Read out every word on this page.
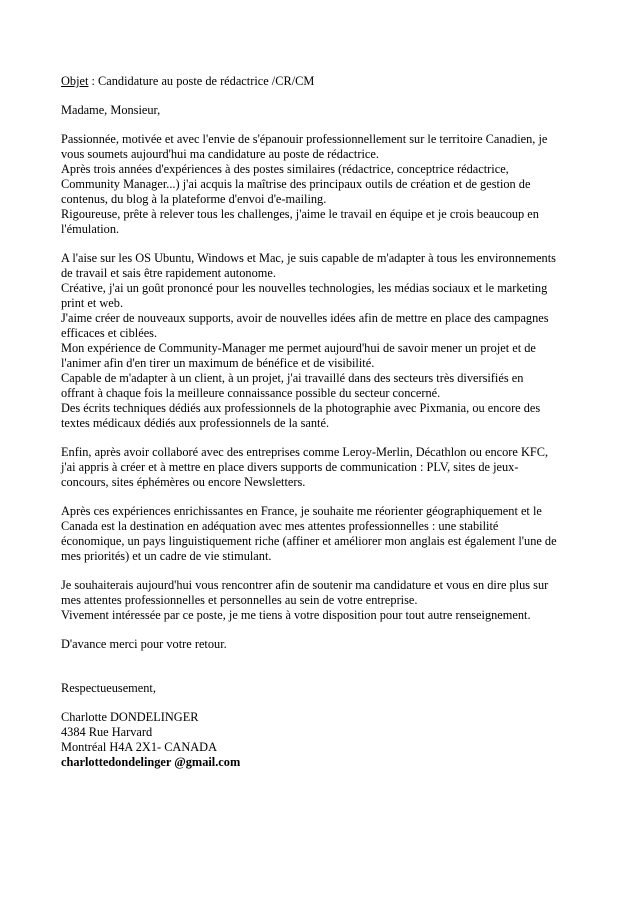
Objet : Candidature au poste de rédactrice /CR/CM
Madame, Monsieur,
Passionnée, motivée et avec l'envie de s'épanouir professionnellement sur le territoire Canadien, je
vous soumets aujourd'hui ma candidature au poste de rédactrice.
Après trois années d'expériences à des postes similaires (rédactrice, conceptrice rédactrice,
Community Manager...) j'ai acquis la maîtrise des principaux outils de création et de gestion de
contenus, du blog à la plateforme d'envoi d'e-mailing.
Rigoureuse, prête à relever tous les challenges, j'aime le travail en équipe et je crois beaucoup en
l'émulation.
A l'aise sur les OS Ubuntu, Windows et Mac, je suis capable de m'adapter à tous les environnements
de travail et sais être rapidement autonome.
Créative, j'ai un goût prononcé pour les nouvelles technologies, les médias sociaux et le marketing
print et web.
J'aime créer de nouveaux supports, avoir de nouvelles idées afin de mettre en place des campagnes
efficaces et ciblées.
Mon expérience de Community-Manager me permet aujourd'hui de savoir mener un projet et de
l'animer afin d'en tirer un maximum de bénéfice et de visibilité.
Capable de m'adapter à un client, à un projet, j'ai travaillé dans des secteurs très diversifiés en
offrant à chaque fois la meilleure connaissance possible du secteur concerné.
Des écrits techniques dédiés aux professionnels de la photographie avec Pixmania, ou encore des
textes médicaux dédiés aux professionnels de la santé.
Enfin, après avoir collaboré avec des entreprises comme Leroy-Merlin, Décathlon ou encore KFC,
j'ai appris à créer et à mettre en place divers supports de communication : PLV, sites de jeux-
concours, sites éphémères ou encore Newsletters.
Après ces expériences enrichissantes en France, je souhaite me réorienter géographiquement et le
Canada est la destination en adéquation avec mes attentes professionnelles : une stabilité
économique, un pays linguistiquement riche (affiner et améliorer mon anglais est également l'une de
mes priorités) et un cadre de vie stimulant.
Je souhaiterais aujourd'hui vous rencontrer afin de soutenir ma candidature et vous en dire plus sur
mes attentes professionnelles et personnelles au sein de votre entreprise.
Vivement intéressée par ce poste, je me tiens à votre disposition pour tout autre renseignement.
D'avance merci pour votre retour.
Respectueusement,
Charlotte DONDELINGER
4384 Rue Harvard
Montréal H4A 2X1- CANADA
charlottedondelinger @gmail.com
